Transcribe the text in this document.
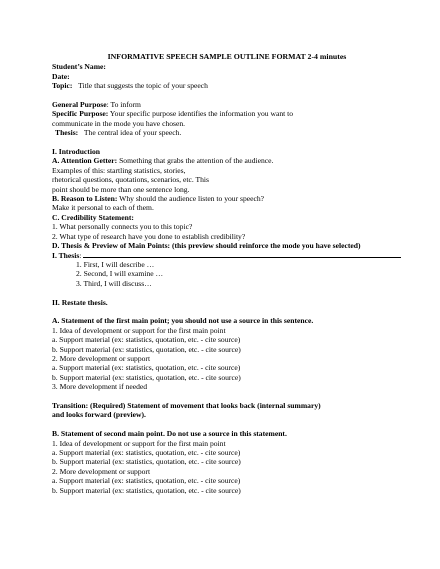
INFORMATIVE SPEECH SAMPLE OUTLINE FORMAT 2-4 minutes
Student’s Name:
Date:
Topic: Title that suggests the topic of your speech
General Purpose: To inform
Specific Purpose: Your specific purpose identifies the information you want to
communicate in the mode you have chosen.
Thesis: The central idea of your speech.
I. Introduction
A. Attention Getter: Something that grabs the attention of the audience.
Examples of this: startling statistics, stories,
rhetorical questions, quotations, scenarios, etc. This
point should be more than one sentence long.
B. Reason to Listen: Why should the audience listen to your speech?
Make it personal to each of them.
C. Credibility Statement:
1. What personally connects you to this topic?
2. What type of research have you done to establish credibility?
D. Thesis & Preview of Main Points: (this preview should reinforce the mode you have selected)
I. Thesis:
1. First, I will describe …
2. Second, I will examine …
3. Third, I will discuss…
II. Restate thesis.
A. Statement of the first main point; you should not use a source in this sentence.
1. Idea of development or support for the first main point
a. Support material (ex: statistics, quotation, etc. - cite source)
b. Support material (ex: statistics, quotation, etc. - cite source)
2. More development or support
a. Support material (ex: statistics, quotation, etc. - cite source)
b. Support material (ex: statistics, quotation, etc. - cite source)
3. More development if needed
Transition: (Required) Statement of movement that looks back (internal summary)
and looks forward (preview).
B. Statement of second main point. Do not use a source in this statement.
1. Idea of development or support for the first main point
a. Support material (ex: statistics, quotation, etc. - cite source)
b. Support material (ex: statistics, quotation, etc. - cite source)
2. More development or support
a. Support material (ex: statistics, quotation, etc. - cite source)
b. Support material (ex: statistics, quotation, etc. - cite source)
